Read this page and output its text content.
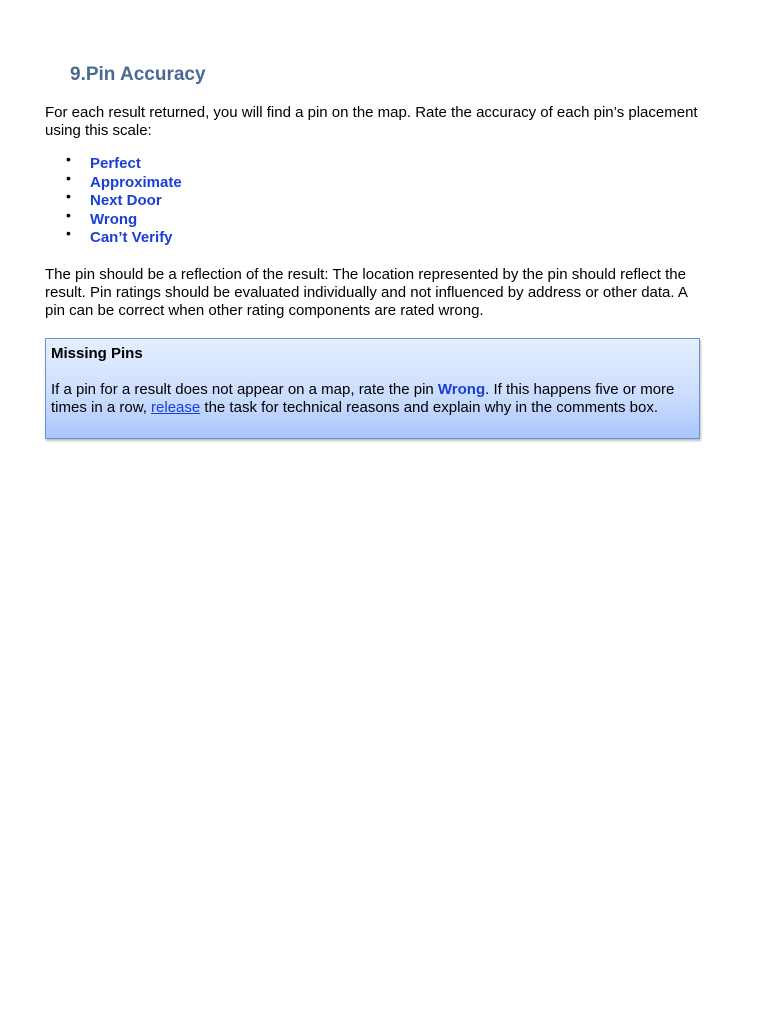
9.Pin Accuracy

For each result returned, you will find a pin on the map. Rate the accuracy of each pin’s placement using this scale:

• Perfect
• Approximate
• Next Door
• Wrong
• Can’t Verify

The pin should be a reflection of the result: The location represented by the pin should reflect the result. Pin ratings should be evaluated individually and not influenced by address or other data. A pin can be correct when other rating components are rated wrong.

Missing Pins

If a pin for a result does not appear on a map, rate the pin Wrong. If this happens five or more times in a row, release the task for technical reasons and explain why in the comments box.
